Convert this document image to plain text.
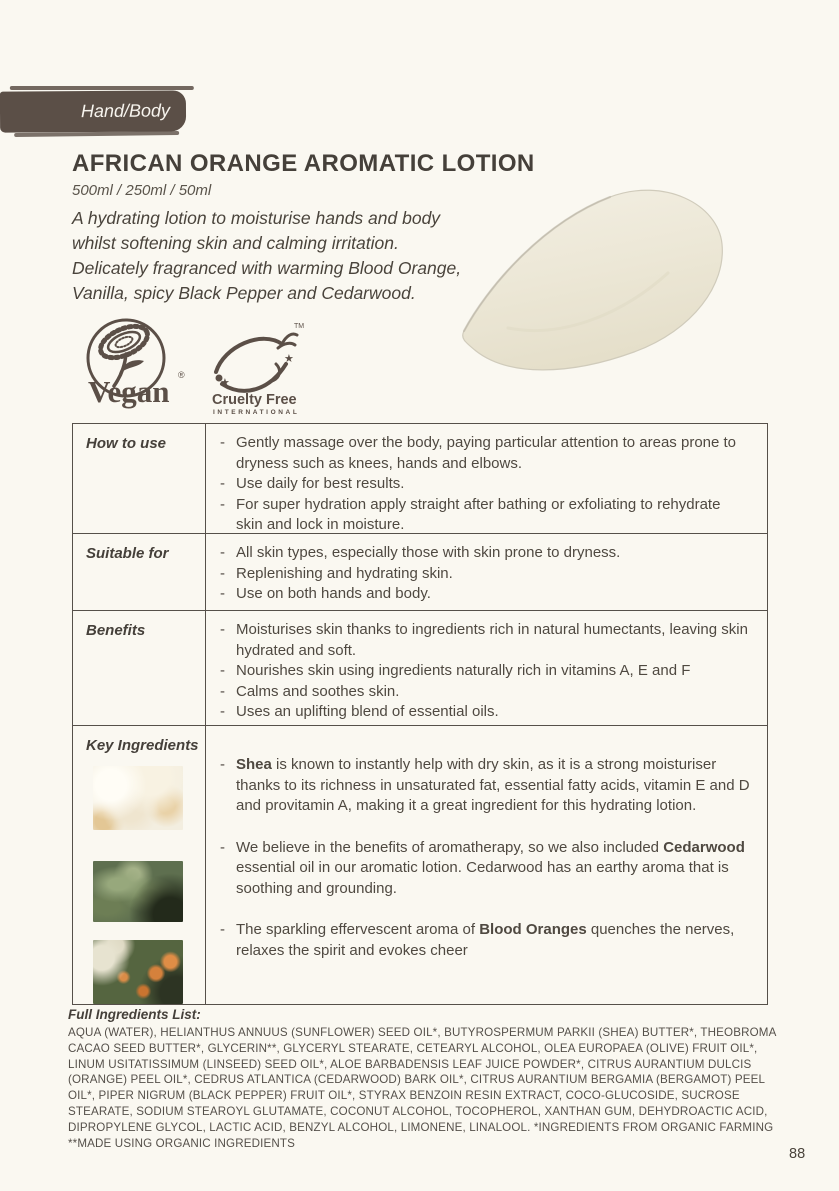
Hand/Body
AFRICAN ORANGE AROMATIC LOTION
500ml / 250ml / 50ml
A hydrating lotion to moisturise hands and body
whilst softening skin and calming irritation.
Delicately fragranced with warming Blood Orange,
Vanilla, spicy Black Pepper and Cedarwood.
Vegan ®
★
★
TM
Cruelty Free
INTERNATIONAL
How to use	- Gently massage over the body, paying particular attention to areas prone to dryness such as knees, hands and elbows.
- Use daily for best results.
- For super hydration apply straight after bathing or exfoliating to rehydrate skin and lock in moisture.
Suitable for	- All skin types, especially those with skin prone to dryness.
- Replenishing and hydrating skin.
- Use on both hands and body.
Benefits	- Moisturises skin thanks to ingredients rich in natural humectants, leaving skin hydrated and soft.
- Nourishes skin using ingredients naturally rich in vitamins A, E and F
- Calms and soothes skin.
- Uses an uplifting blend of essential oils.
Key Ingredients
- Shea is known to instantly help with dry skin, as it is a strong moisturiser thanks to its richness in unsaturated fat, essential fatty acids, vitamin E and D and provitamin A, making it a great ingredient for this hydrating lotion.
- We believe in the benefits of aromatherapy, so we also included Cedarwood essential oil in our aromatic lotion. Cedarwood has an earthy aroma that is soothing and grounding.
- The sparkling effervescent aroma of Blood Oranges quenches the nerves, relaxes the spirit and evokes cheer
Full Ingredients List:
AQUA (WATER), HELIANTHUS ANNUUS (SUNFLOWER) SEED OIL*, BUTYROSPERMUM PARKII (SHEA) BUTTER*, THEOBROMA CACAO SEED BUTTER*, GLYCERIN**, GLYCERYL STEARATE, CETEARYL ALCOHOL, OLEA EUROPAEA (OLIVE) FRUIT OIL*, LINUM USITATISSIMUM (LINSEED) SEED OIL*, ALOE BARBADENSIS LEAF JUICE POWDER*, CITRUS AURANTIUM DULCIS (ORANGE) PEEL OIL*, CEDRUS ATLANTICA (CEDARWOOD) BARK OIL*, CITRUS AURANTIUM BERGAMIA (BERGAMOT) PEEL OIL*, PIPER NIGRUM (BLACK PEPPER) FRUIT OIL*, STYRAX BENZOIN RESIN EXTRACT, COCO-GLUCOSIDE, SUCROSE STEARATE, SODIUM STEAROYL GLUTAMATE, COCONUT ALCOHOL, TOCOPHEROL, XANTHAN GUM, DEHYDROACTIC ACID, DIPROPYLENE GLYCOL, LACTIC ACID, BENZYL ALCOHOL, LIMONENE, LINALOOL. *INGREDIENTS FROM ORGANIC FARMING **MADE USING ORGANIC INGREDIENTS
88
